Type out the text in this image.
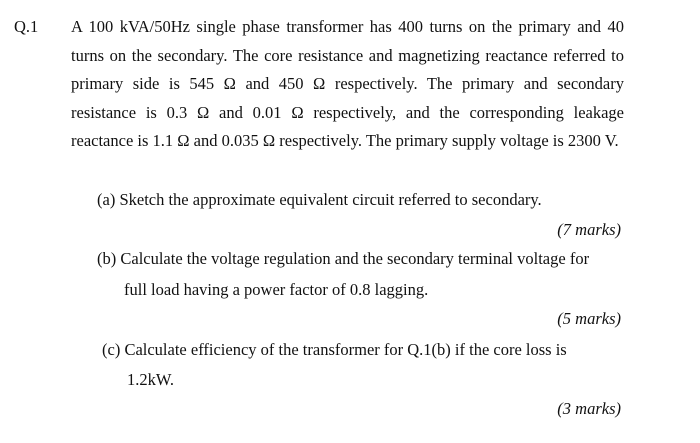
Q.1 A 100 kVA/50Hz single phase transformer has 400 turns on the primary and 40 turns on the secondary. The core resistance and magnetizing reactance referred to primary side is 545 Ω and 450 Ω respectively. The primary and secondary resistance is 0.3 Ω and 0.01 Ω respectively, and the corresponding leakage reactance is 1.1 Ω and 0.035 Ω respectively. The primary supply voltage is 2300 V.

(a) Sketch the approximate equivalent circuit referred to secondary.

(7 marks)

(b) Calculate the voltage regulation and the secondary terminal voltage for

full load having a power factor of 0.8 lagging.

(5 marks)

(c) Calculate efficiency of the transformer for Q.1(b) if the core loss is

1.2kW.

(3 marks)
